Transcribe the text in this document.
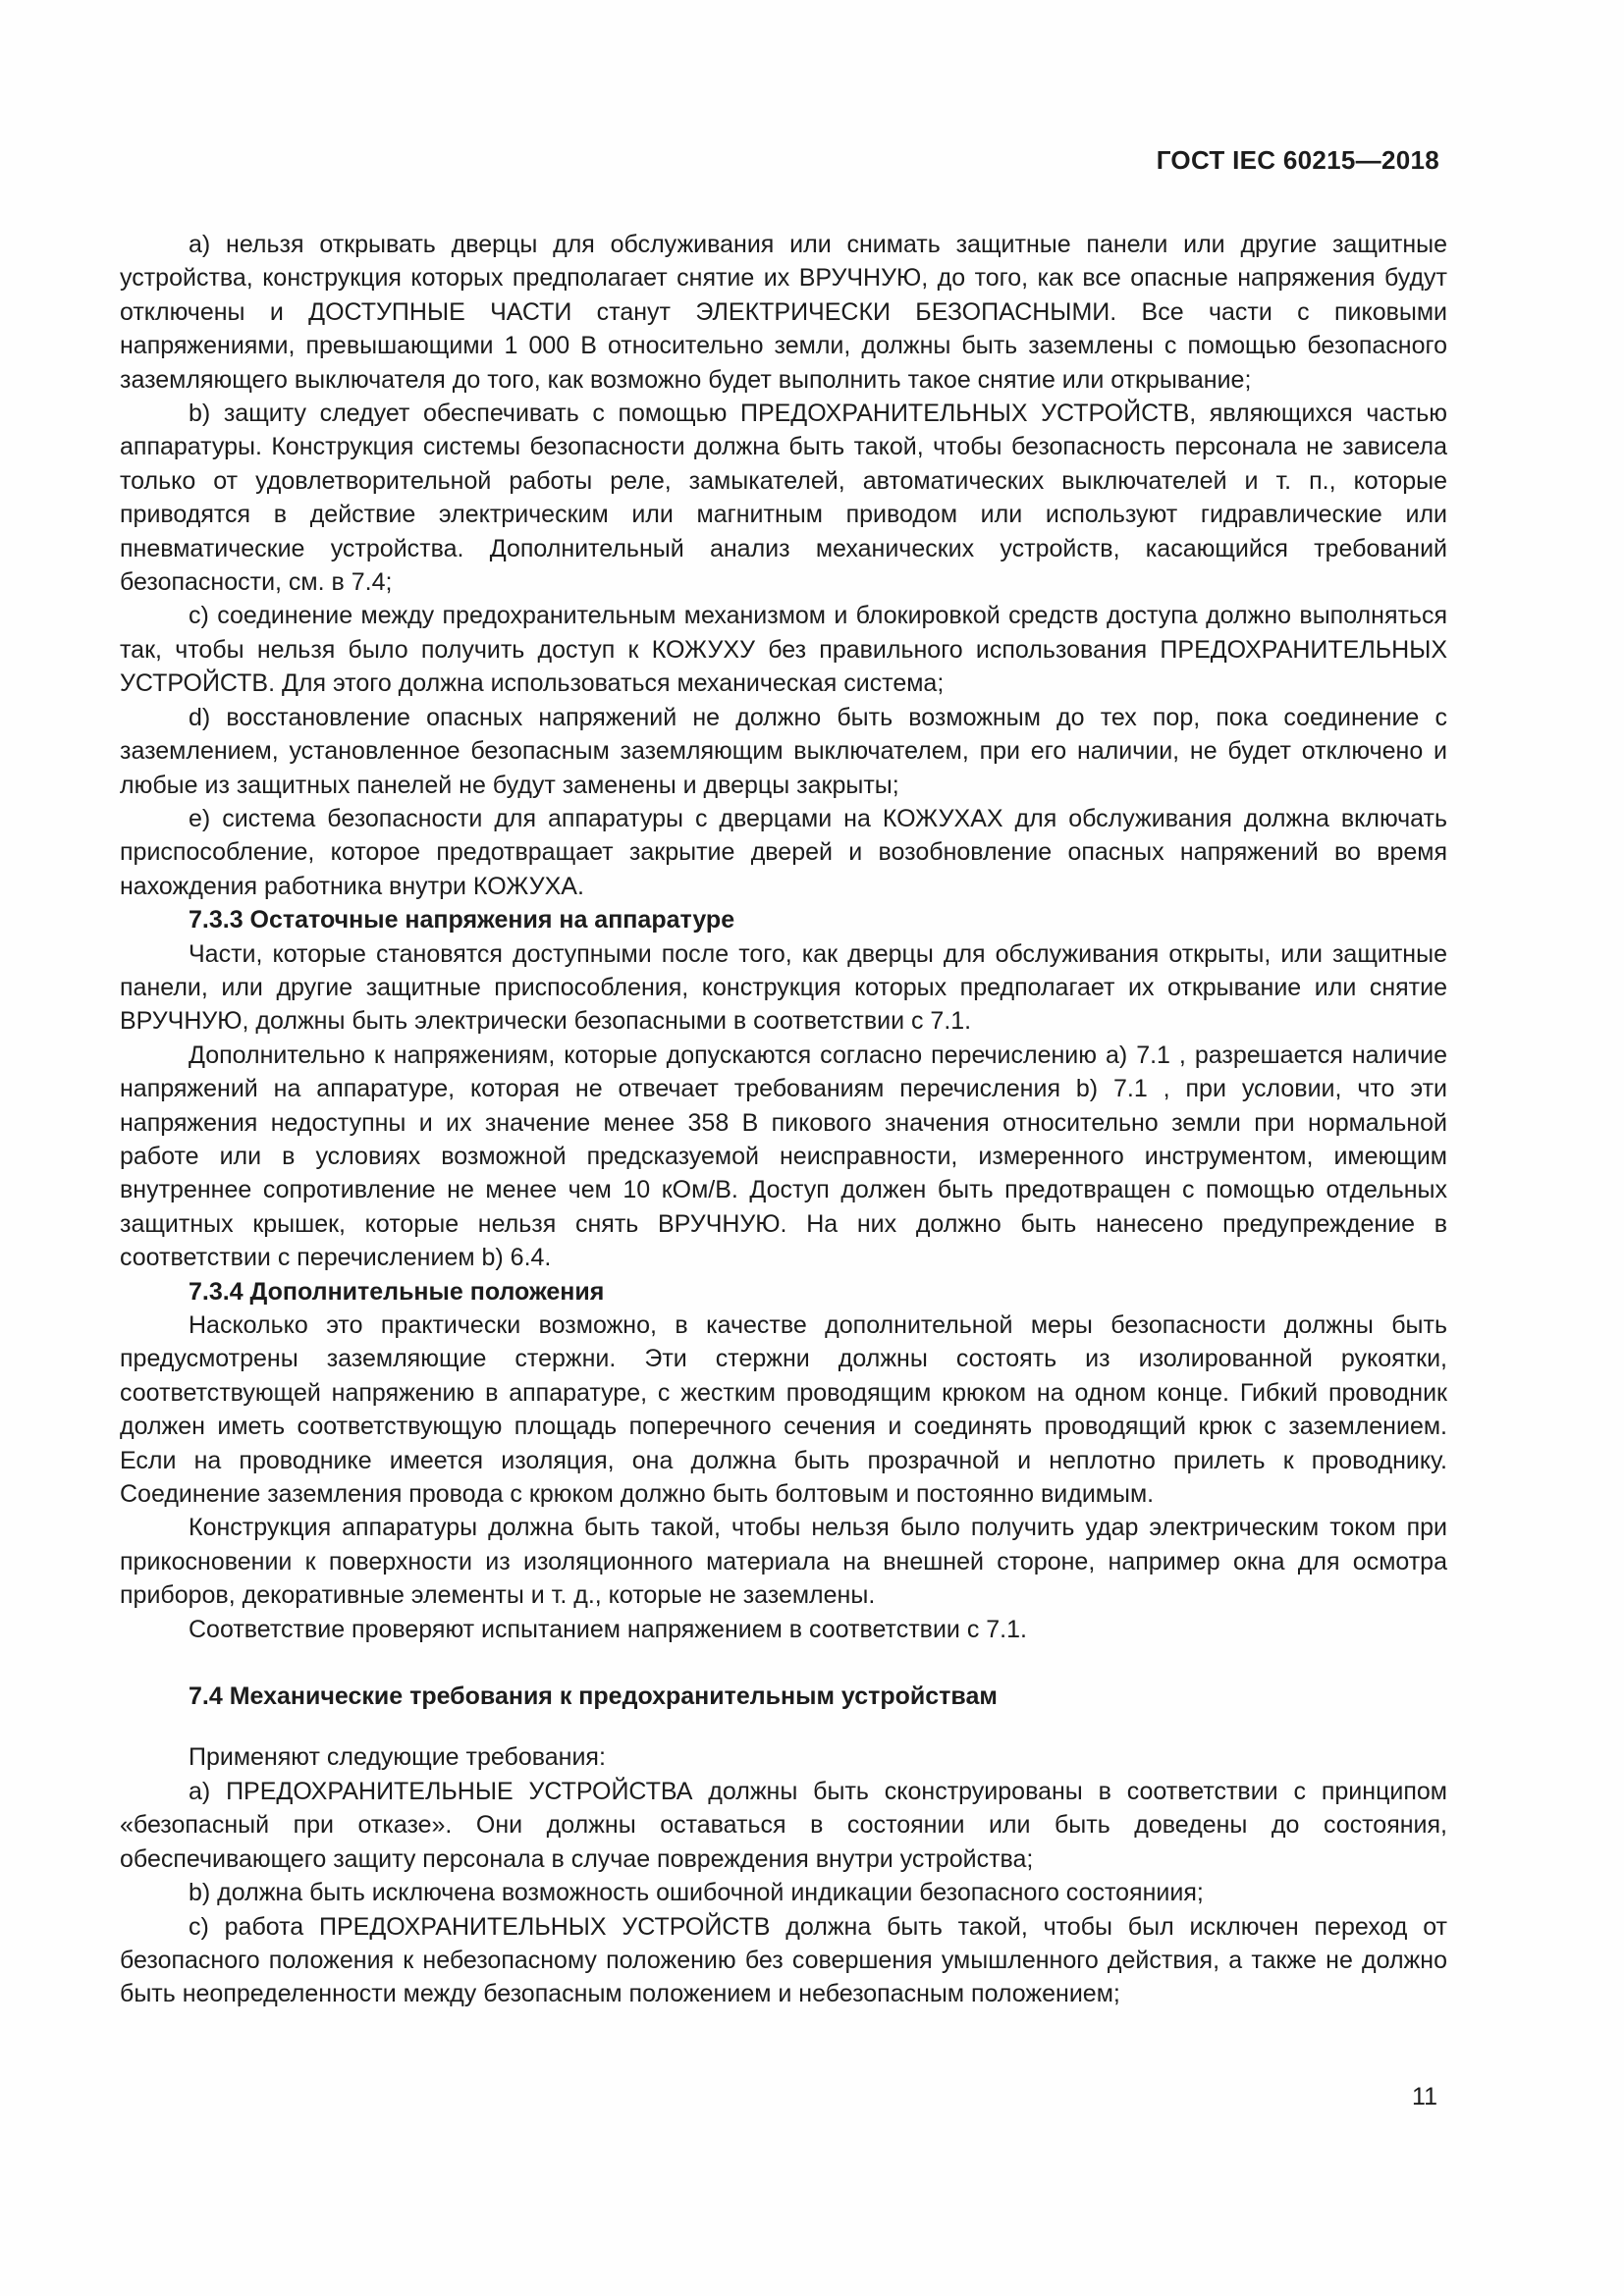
ГОСТ IEC 60215—2018

а) нельзя открывать дверцы для обслуживания или снимать защитные панели или другие защитные устройства, конструкция которых предполагает снятие их ВРУЧНУЮ, до того, как все опасные напряжения будут отключены и ДОСТУПНЫЕ ЧАСТИ станут ЭЛЕКТРИЧЕСКИ БЕЗОПАСНЫМИ. Все части с пиковыми напряжениями, превышающими 1 000 В относительно земли, должны быть заземлены с помощью безопасного заземляющего выключателя до того, как возможно будет выполнить такое снятие или открывание;

b) защиту следует обеспечивать с помощью ПРЕДОХРАНИТЕЛЬНЫХ УСТРОЙСТВ, являющихся частью аппаратуры. Конструкция системы безопасности должна быть такой, чтобы безопасность персонала не зависела только от удовлетворительной работы реле, замыкателей, автоматических выключателей и т. п., которые приводятся в действие электрическим или магнитным приводом или используют гидравлические или пневматические устройства. Дополнительный анализ механических устройств, касающийся требований безопасности, см. в 7.4;

с) соединение между предохранительным механизмом и блокировкой средств доступа должно выполняться так, чтобы нельзя было получить доступ к КОЖУХУ без правильного использования ПРЕДОХРАНИТЕЛЬНЫХ УСТРОЙСТВ. Для этого должна использоваться механическая система;

d) восстановление опасных напряжений не должно быть возможным до тех пор, пока соединение с заземлением, установленное безопасным заземляющим выключателем, при его наличии, не будет отключено и любые из защитных панелей не будут заменены и дверцы закрыты;

е) система безопасности для аппаратуры с дверцами на КОЖУХАХ для обслуживания должна включать приспособление, которое предотвращает закрытие дверей и возобновление опасных напряжений во время нахождения работника внутри КОЖУХА.

7.3.3 Остаточные напряжения на аппаратуре

Части, которые становятся доступными после того, как дверцы для обслуживания открыты, или защитные панели, или другие защитные приспособления, конструкция которых предполагает их открывание или снятие ВРУЧНУЮ, должны быть электрически безопасными в соответствии с 7.1.

Дополнительно к напряжениям, которые допускаются согласно перечислению а) 7.1 , разрешается наличие напряжений на аппаратуре, которая не отвечает требованиям перечисления b) 7.1 , при условии, что эти напряжения недоступны и их значение менее 358 В пикового значения относительно земли при нормальной работе или в условиях возможной предсказуемой неисправности, измеренного инструментом, имеющим внутреннее сопротивление не менее чем 10 кОм/В. Доступ должен быть предотвращен с помощью отдельных защитных крышек, которые нельзя снять ВРУЧНУЮ. На них должно быть нанесено предупреждение в соответствии с перечислением b) 6.4.

7.3.4 Дополнительные положения

Насколько это практически возможно, в качестве дополнительной меры безопасности должны быть предусмотрены заземляющие стержни. Эти стержни должны состоять из изолированной рукоятки, соответствующей напряжению в аппаратуре, с жестким проводящим крюком на одном конце. Гибкий проводник должен иметь соответствующую площадь поперечного сечения и соединять проводящий крюк с заземлением. Если на проводнике имеется изоляция, она должна быть прозрачной и неплотно прилеть к проводнику. Соединение заземления провода с крюком должно быть болтовым и постоянно видимым.

Конструкция аппаратуры должна быть такой, чтобы нельзя было получить удар электрическим током при прикосновении к поверхности из изоляционного материала на внешней стороне, например окна для осмотра приборов, декоративные элементы и т. д., которые не заземлены.

Соответствие проверяют испытанием напряжением в соответствии с 7.1.

7.4 Механические требования к предохранительным устройствам

Применяют следующие требования:

а) ПРЕДОХРАНИТЕЛЬНЫЕ УСТРОЙСТВА должны быть сконструированы в соответствии с принципом «безопасный при отказе». Они должны оставаться в состоянии или быть доведены до состояния, обеспечивающего защиту персонала в случае повреждения внутри устройства;

b) должна быть исключена возможность ошибочной индикации безопасного состояниия;

с) работа ПРЕДОХРАНИТЕЛЬНЫХ УСТРОЙСТВ должна быть такой, чтобы был исключен переход от безопасного положения к небезопасному положению без совершения умышленного действия, а также не должно быть неопределенности между безопасным положением и небезопасным положением;

11
